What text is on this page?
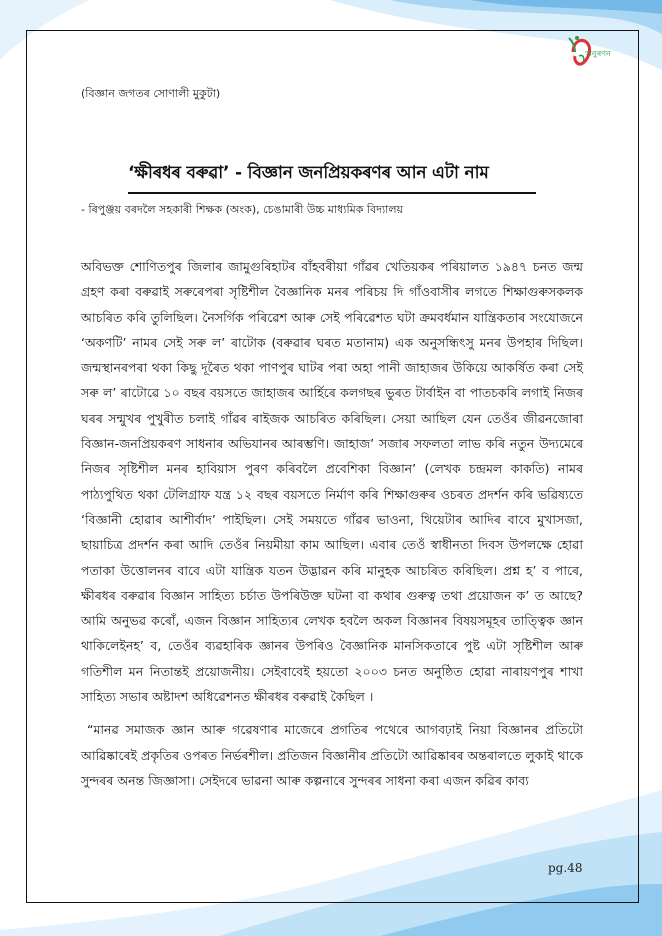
অনুৰণন
(বিজ্ঞান জগতৰ সোণালী মুকুটা)
‘ক্ষীৰধৰ বৰুৱা’ - বিজ্ঞান জনপ্ৰিয়কৰণৰ আন এটা নাম
- ৰিপুঞ্জয় বৰদলৈ সহকাৰী শিক্ষক (অংক), চেঙামাৰী উচ্চ মাধ্যমিক বিদ্যালয়

অবিভক্ত শোণিতপুৰ জিলাৰ জামুগুৰিহাটৰ বাঁহবৰীয়া গাঁৱৰ খেতিয়কৰ পৰিয়ালত ১৯৪৭ চনত জন্ম গ্ৰহণ কৰা বৰুৱাই সৰুৰেপৰা সৃষ্টিশীল বৈজ্ঞানিক মনৰ পৰিচয় দি গাঁওবাসীৰ লগতে শিক্ষাগুৰুসকলক আচৰিত কৰি তুলিছিল। নৈসৰ্গিক পৰিৱেশ আৰু সেই পৰিৱেশত ঘটা ক্ৰমবৰ্ধমান যান্ত্ৰিকতাৰ সংযোজনে ‘অকণটি’ নামৰ সেই সৰু ল’ ৰাটোক (বৰুৱাৰ ঘৰত মতানাম) এক অনুসন্ধিৎসু মনৰ উপহাৰ দিছিল। জন্মস্থানৰপৰা থকা কিছু দূৰৈত থকা পাণপুৰ ঘাটৰ পৰা অহা পানী জাহাজৰ উকিয়ে আকৰ্ষিত কৰা সেই সৰু ল’ ৰাটোৱে ১০ বছৰ বয়সতে জাহাজৰ আৰ্হিৰে কলগছৰ ভুৰত টাৰ্বাইন বা পাতচকৰি লগাই নিজৰ ঘৰৰ সন্মুখৰ পুখুৰীত চলাই গাঁৱৰ ৰাইজক আচৰিত কৰিছিল। সেয়া আছিল যেন তেওঁৰ জীৱনজোৰা বিজ্ঞান-জনপ্ৰিয়কৰণ সাধনাৰ অভিযানৰ আৰম্ভণি। জাহাজ’ সজাৰ সফলতা লাভ কৰি নতুন উদ্যমেৰে নিজৰ সৃষ্টিশীল মনৰ হাবিয়াস পুৰণ কৰিবলৈ প্ৰবেশিকা বিজ্ঞান’ (লেখক চন্দ্ৰমল কাকতি) নামৰ পাঠ্যপুথিত থকা টেলিগ্ৰাফ যন্ত্ৰ ১২ বছৰ বয়সতে নিৰ্মাণ কৰি শিক্ষাগুৰুৰ ওচৰত প্ৰদৰ্শন কৰি ভৱিষ্যতে ‘বিজ্ঞানী হোৱাৰ আশীৰ্বাদ’ পাইছিল। সেই সময়তে গাঁৱৰ ভাওনা, থিয়েটাৰ আদিৰ বাবে মুখাসজা, ছায়াচিত্ৰ প্ৰদৰ্শন কৰা আদি তেওঁৰ নিয়মীয়া কাম আছিল। এবাৰ তেওঁ স্বাধীনতা দিবস উপলক্ষে হোৱা পতাকা উত্তোলনৰ বাবে এটা যান্ত্ৰিক যতন উদ্ভাৱন কৰি মানুহক আচৰিত কৰিছিল। প্ৰশ্ন হ’ ব পাৰে, ক্ষীৰধৰ বৰুৱাৰ বিজ্ঞান সাহিত্য চৰ্চাত উপৰিউক্ত ঘটনা বা কথাৰ গুৰুত্ব তথা প্ৰয়োজন ক’ ত আছে? আমি অনুভৱ কৰোঁ, এজন বিজ্ঞান সাহিত্যৰ লেখক হবলৈ অকল বিজ্ঞানৰ বিষয়সমূহৰ তাত্ত্বিক জ্ঞান থাকিলেইনহ’ ব, তেওঁৰ ব্যৱহাৰিক জ্ঞানৰ উপৰিও বৈজ্ঞানিক মানসিকতাৰে পুষ্ট এটা সৃষ্টিশীল আৰু গতিশীল মন নিতান্তই প্ৰয়োজনীয়। সেইবাবেই হয়তো ২০০৩ চনত অনুষ্ঠিত হোৱা নাৰায়ণপুৰ শাখা সাহিত্য সভাৰ অষ্টাদশ অধিৱেশনত ক্ষীৰধৰ বৰুৱাই কৈছিল ।

“মানৱ সমাজক জ্ঞান আৰু গৱেষণাৰ মাজেৰে প্ৰগতিৰ পথেৰে আগবঢ়াই নিয়া বিজ্ঞানৰ প্ৰতিটো আৱিষ্কাৰেই প্ৰকৃতিৰ ওপৰত নিৰ্ভৰশীল। প্ৰতিজন বিজ্ঞানীৰ প্ৰতিটো আৱিষ্কাৰৰ অন্তৰালতে লুকাই থাকে সুন্দৰৰ অনন্ত জিজ্ঞাসা। সেইদৰে ভাৱনা আৰু কল্পনাৰে সুন্দৰৰ সাধনা কৰা এজন কৱিৰ কাব্য

pg.48
